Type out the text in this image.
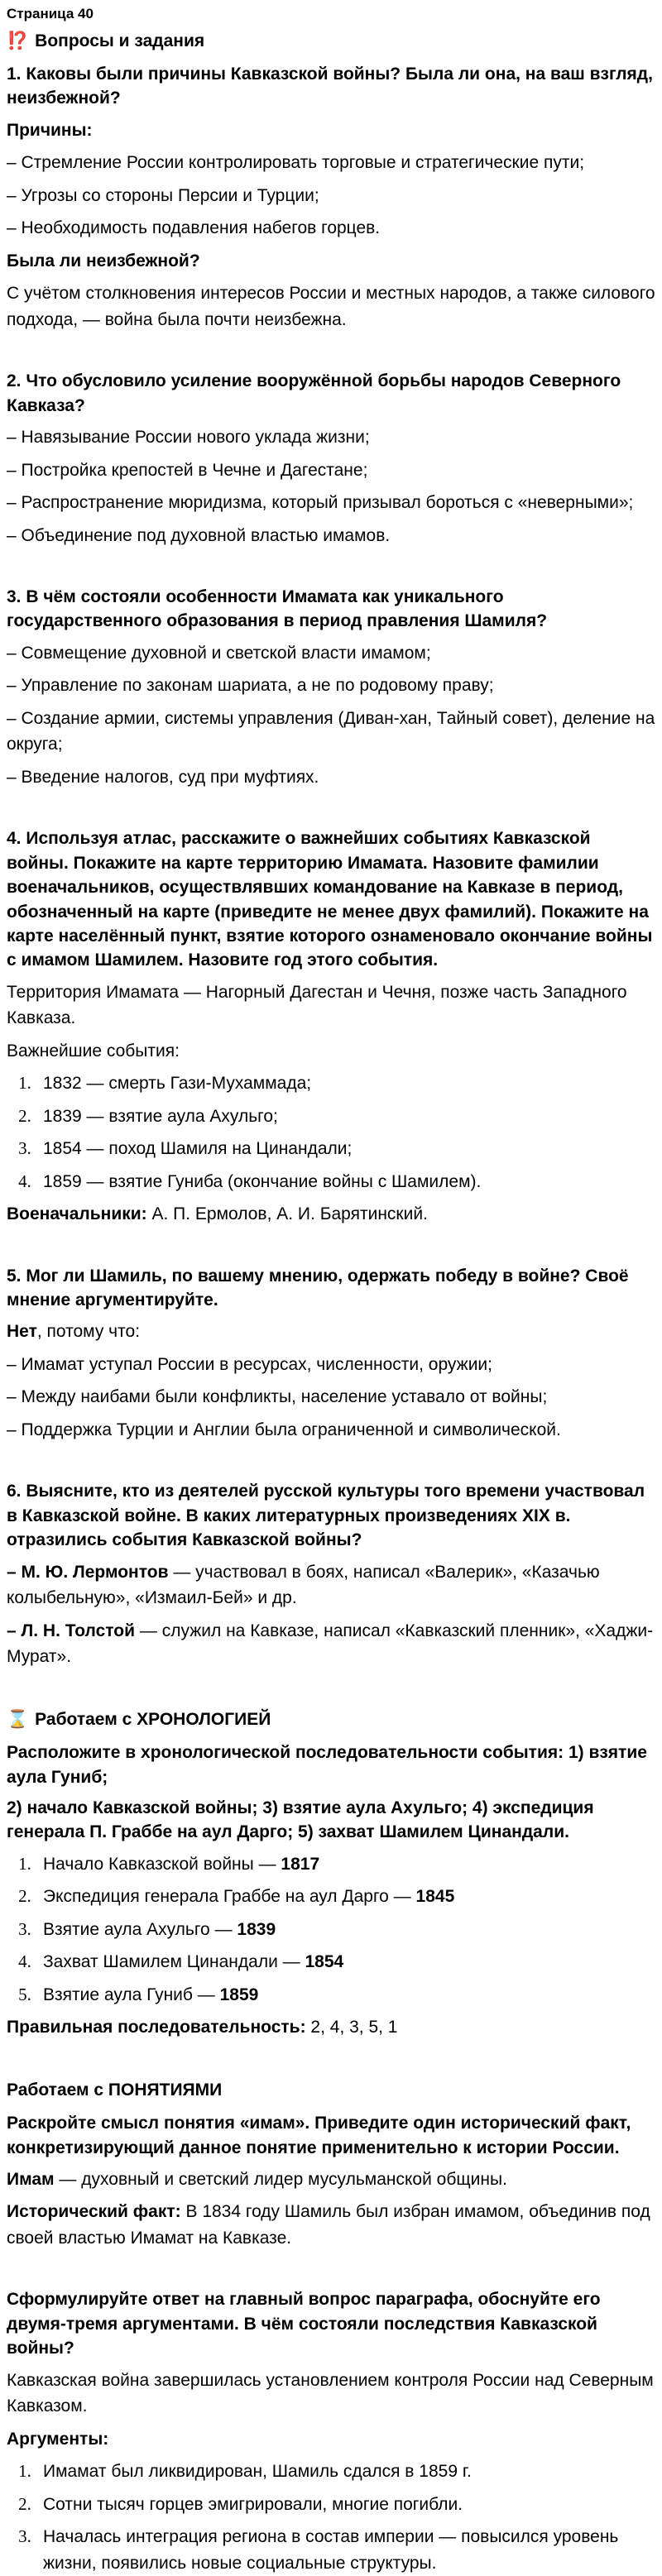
Страница 40
⁉️ Вопросы и задания
1. Каковы были причины Кавказской войны? Была ли она, на ваш взгляд, неизбежной?
Причины:
– Стремление России контролировать торговые и стратегические пути;
– Угрозы со стороны Персии и Турции;
– Необходимость подавления набегов горцев.
Была ли неизбежной?

С учётом столкновения интересов России и местных народов, а также силового подхода, — война была почти неизбежна.

2. Что обусловило усиление вооружённой борьбы народов Северного Кавказа?
– Навязывание России нового уклада жизни;
– Постройка крепостей в Чечне и Дагестане;
– Распространение мюридизма, который призывал бороться с «неверными»;
– Объединение под духовной властью имамов.
3. В чём состояли особенности Имамата как уникального государственного образования в период правления Шамиля?
– Совмещение духовной и светской власти имамом;
– Управление по законам шариата, а не по родовому праву;
– Создание армии, системы управления (Диван-хан, Тайный совет), деление на округа;
– Введение налогов, суд при муфтиях.
4. Используя атлас, расскажите о важнейших событиях Кавказской войны. Покажите на карте территорию Имамата. Назовите фамилии военачальников, осуществлявших командование на Кавказе в период, обозначенный на карте (приведите не менее двух фамилий). Покажите на карте населённый пункт, взятие которого ознаменовало окончание войны с имамом Шамилем. Назовите год этого события.

Территория Имамата — Нагорный Дагестан и Чечня, позже часть Западного Кавказа.

Важнейшие события:

1. 1832 — смерть Гази-Мухаммада;
2. 1839 — взятие аула Ахульго;
3. 1854 — поход Шамиля на Цинандали;
4. 1859 — взятие Гуниба (окончание войны с Шамилем).

Военачальники: А. П. Ермолов, А. И. Барятинский.

5. Мог ли Шамиль, по вашему мнению, одержать победу в войне? Своё мнение аргументируйте.

Нет, потому что:

– Имамат уступал России в ресурсах, численности, оружии;
– Между наибами были конфликты, население уставало от войны;
– Поддержка Турции и Англии была ограниченной и символической.
6. Выясните, кто из деятелей русской культуры того времени участвовал в Кавказской войне. В каких литературных произведениях XIX в. отразились события Кавказской войны?
– М. Ю. Лермонтов — участвовал в боях, написал «Валерик», «Казачью колыбельную», «Измаил-Бей» и др.
– Л. Н. Толстой — служил на Кавказе, написал «Кавказский пленник», «Хаджи-Мурат».
⌛ Работаем с ХРОНОЛОГИЕЙ
Расположите в хронологической последовательности события: 1) взятие аула Гуниб;
2) начало Кавказской войны; 3) взятие аула Ахульго; 4) экспедиция генерала П. Граббе на аул Дарго; 5) захват Шамилем Цинандали.
1. Начало Кавказской войны — 1817
2. Экспедиция генерала Граббе на аул Дарго — 1845
3. Взятие аула Ахульго — 1839
4. Захват Шамилем Цинандали — 1854
5. Взятие аула Гуниб — 1859

Правильная последовательность: 2, 4, 3, 5, 1

Работаем с ПОНЯТИЯМИ
Раскройте смысл понятия «имам». Приведите один исторический факт, конкретизирующий данное понятие применительно к истории России.

Имам — духовный и светский лидер мусульманской общины.

Исторический факт: В 1834 году Шамиль был избран имамом, объединив под своей властью Имамат на Кавказе.

Сформулируйте ответ на главный вопрос параграфа, обоснуйте его двумя-тремя аргументами. В чём состояли последствия Кавказской войны?

Кавказская война завершилась установлением контроля России над Северным Кавказом.

Аргументы:
1. Имамат был ликвидирован, Шамиль сдался в 1859 г.
2. Сотни тысяч горцев эмигрировали, многие погибли.
3. Началась интеграция региона в состав империи — повысился уровень жизни, появились новые социальные структуры.
